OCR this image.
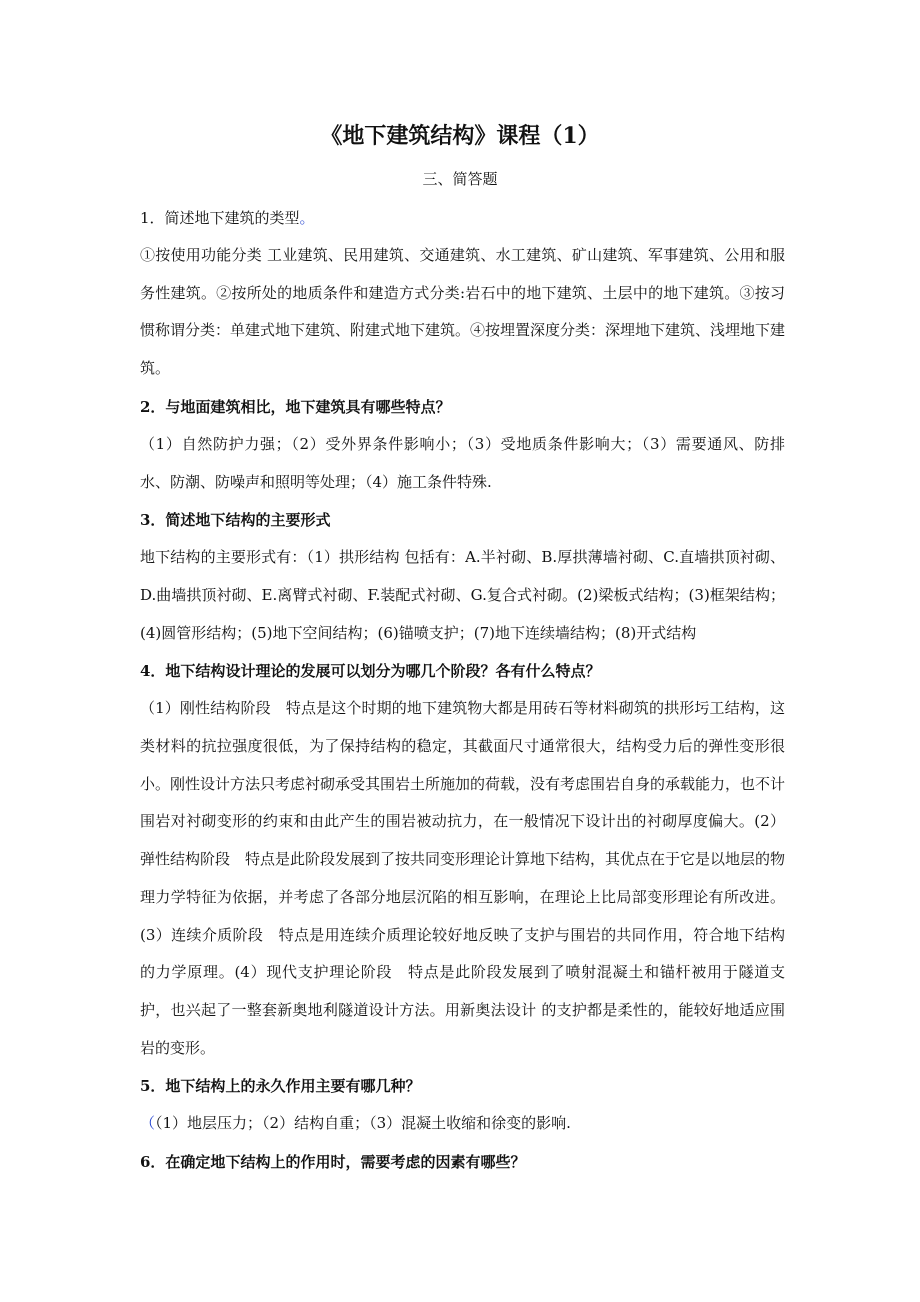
《地下建筑结构》课程（1）

三、简答题

1．简述地下建筑的类型。

①按使用功能分类 工业建筑、民用建筑、交通建筑、水工建筑、矿山建筑、军事建筑、公用和服务性建筑。②按所处的地质条件和建造方式分类:岩石中的地下建筑、土层中的地下建筑。③按习惯称谓分类：单建式地下建筑、附建式地下建筑。④按埋置深度分类：深埋地下建筑、浅埋地下建筑。

2．与地面建筑相比，地下建筑具有哪些特点？

（1）自然防护力强；（2）受外界条件影响小；（3）受地质条件影响大；（3）需要通风、防排水、防潮、防噪声和照明等处理；（4）施工条件特殊.

3．简述地下结构的主要形式

地下结构的主要形式有：（1）拱形结构 包括有：A.半衬砌、B.厚拱薄墙衬砌、C.直墙拱顶衬砌、D.曲墙拱顶衬砌、E.离臂式衬砌、F.装配式衬砌、G.复合式衬砌。(2)梁板式结构；(3)框架结构；(4)圆管形结构；(5)地下空间结构；(6)锚喷支护；(7)地下连续墙结构；(8)开式结构

4．地下结构设计理论的发展可以划分为哪几个阶段？各有什么特点？

（1）刚性结构阶段　特点是这个时期的地下建筑物大都是用砖石等材料砌筑的拱形圬工结构，这类材料的抗拉强度很低，为了保持结构的稳定，其截面尺寸通常很大，结构受力后的弹性变形很小。刚性设计方法只考虑衬砌承受其围岩土所施加的荷载，没有考虑围岩自身的承载能力，也不计围岩对衬砌变形的约束和由此产生的围岩被动抗力，在一般情况下设计出的衬砌厚度偏大。(2）弹性结构阶段　特点是此阶段发展到了按共同变形理论计算地下结构，其优点在于它是以地层的物理力学特征为依据，并考虑了各部分地层沉陷的相互影响，在理论上比局部变形理论有所改进。(3）连续介质阶段　特点是用连续介质理论较好地反映了支护与围岩的共同作用，符合地下结构的力学原理。(4）现代支护理论阶段　特点是此阶段发展到了喷射混凝土和锚杆被用于隧道支护，也兴起了一整套新奥地利隧道设计方法。用新奥法设计 的支护都是柔性的，能较好地适应围岩的变形。

5．地下结构上的永久作用主要有哪几种？

（（1）地层压力；（2）结构自重；（3）混凝土收缩和徐变的影响.

6．在确定地下结构上的作用时，需要考虑的因素有哪些？
